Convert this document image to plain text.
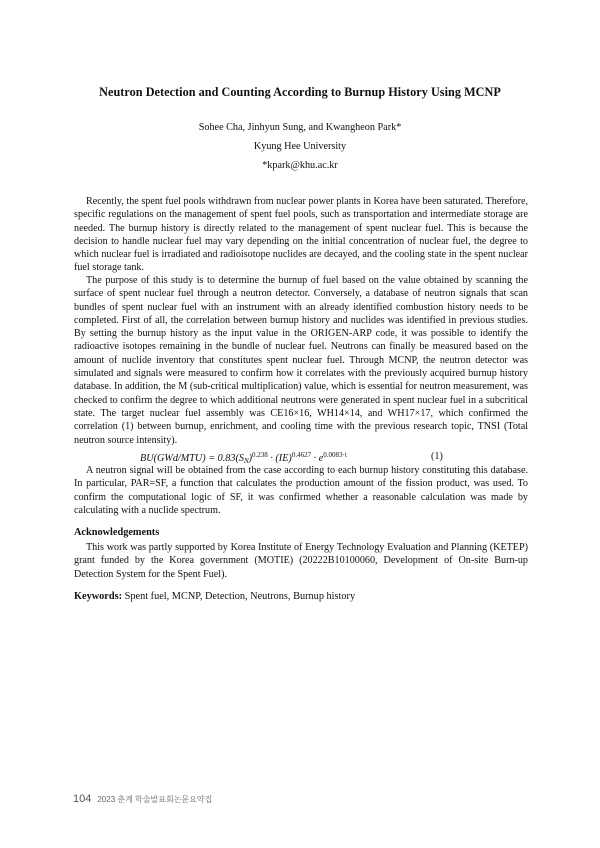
Neutron Detection and Counting According to Burnup History Using MCNP
Sohee Cha, Jinhyun Sung, and Kwangheon Park*
Kyung Hee University
*kpark@khu.ac.kr

Recently, the spent fuel pools withdrawn from nuclear power plants in Korea have been saturated. Therefore, specific regulations on the management of spent fuel pools, such as transportation and intermediate storage are needed. The burnup history is directly related to the management of spent nuclear fuel. This is because the decision to handle nuclear fuel may vary depending on the initial concentration of nuclear fuel, the degree to which nuclear fuel is irradiated and radioisotope nuclides are decayed, and the cooling state in the spent nuclear fuel storage tank.

The purpose of this study is to determine the burnup of fuel based on the value obtained by scanning the surface of spent nuclear fuel through a neutron detector. Conversely, a database of neutron signals that scan bundles of spent nuclear fuel with an instrument with an already identified combustion history needs to be completed. First of all, the correlation between burnup history and nuclides was identified in previous studies. By setting the burnup history as the input value in the ORIGEN-ARP code, it was possible to identify the radioactive isotopes remaining in the bundle of nuclear fuel. Neutrons can finally be measured based on the amount of nuclide inventory that constitutes spent nuclear fuel. Through MCNP, the neutron detector was simulated and signals were measured to confirm how it correlates with the previously acquired burnup history database. In addition, the M (sub-critical multiplication) value, which is essential for neutron measurement, was checked to confirm the degree to which additional neutrons were generated in spent nuclear fuel in a subcritical state. The target nuclear fuel assembly was CE16×16, WH14×14, and WH17×17, which confirmed the correlation (1) between burnup, enrichment, and cooling time with the previous research topic, TNSI (Total neutron source intensity).

$BU(GWd/MTU) = 0.83(S_N)^{0.238} \cdot (IE)^{0.4627} \cdot e^{0.0083\cdot t}$	(1)

A neutron signal will be obtained from the case according to each burnup history constituting this database. In particular, PAR=SF, a function that calculates the production amount of the fission product, was used. To confirm the computational logic of SF, it was confirmed whether a reasonable calculation was made by calculating with a nuclide spectrum.

Acknowledgements

This work was partly supported by Korea Institute of Energy Technology Evaluation and Planning (KETEP) grant funded by the Korea government (MOTIE) (20222B10100060, Development of On-site Burn-up Detection System for the Spent Fuel).

Keywords: Spent fuel, MCNP, Detection, Neutrons, Burnup history
104 2023 춘계 학술발표회논문요약집
